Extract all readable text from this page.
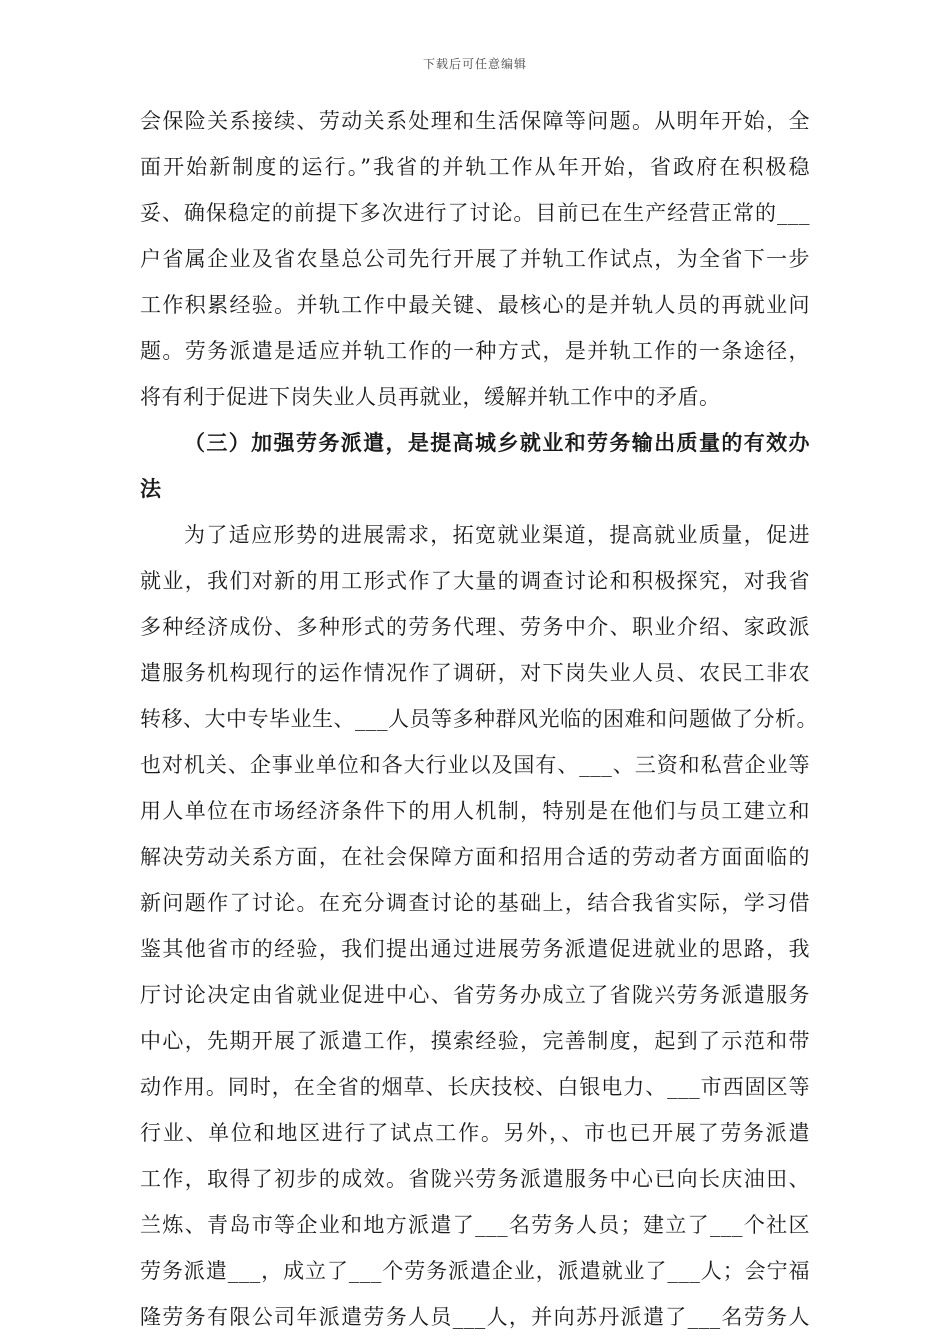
下载后可任意编辑
会保险关系接续、劳动关系处理和生活保障等问题。从明年开始，全
面开始新制度的运行。”我省的并轨工作从年开始，省政府在积极稳
妥、确保稳定的前提下多次进行了讨论。目前已在生产经营正常的___
户省属企业及省农垦总公司先行开展了并轨工作试点，为全省下一步
工作积累经验。并轨工作中最关键、最核心的是并轨人员的再就业问
题。劳务派遣是适应并轨工作的一种方式，是并轨工作的一条途径，
将有利于促进下岗失业人员再就业，缓解并轨工作中的矛盾。
（三）加强劳务派遣，是提高城乡就业和劳务输出质量的有效办
法
为了适应形势的进展需求，拓宽就业渠道，提高就业质量，促进
就业，我们对新的用工形式作了大量的调查讨论和积极探究，对我省
多种经济成份、多种形式的劳务代理、劳务中介、职业介绍、家政派
遣服务机构现行的运作情况作了调研，对下岗失业人员、农民工非农
转移、大中专毕业生、___人员等多种群风光临的困难和问题做了分析。
也对机关、企事业单位和各大行业以及国有、___、三资和私营企业等
用人单位在市场经济条件下的用人机制，特别是在他们与员工建立和
解决劳动关系方面，在社会保障方面和招用合适的劳动者方面面临的
新问题作了讨论。在充分调查讨论的基础上，结合我省实际，学习借
鉴其他省市的经验，我们提出通过进展劳务派遣促进就业的思路，我
厅讨论决定由省就业促进中心、省劳务办成立了省陇兴劳务派遣服务
中心，先期开展了派遣工作，摸索经验，完善制度，起到了示范和带
动作用。同时，在全省的烟草、长庆技校、白银电力、___市西固区等
行业、单位和地区进行了试点工作。另外，、市也已开展了劳务派遣
工作，取得了初步的成效。省陇兴劳务派遣服务中心已向长庆油田、
兰炼、青岛市等企业和地方派遣了___名劳务人员；建立了___个社区
劳务派遣___，成立了___个劳务派遣企业，派遣就业了___人；会宁福
隆劳务有限公司年派遣劳务人员___人，并向苏丹派遣了___名劳务人
